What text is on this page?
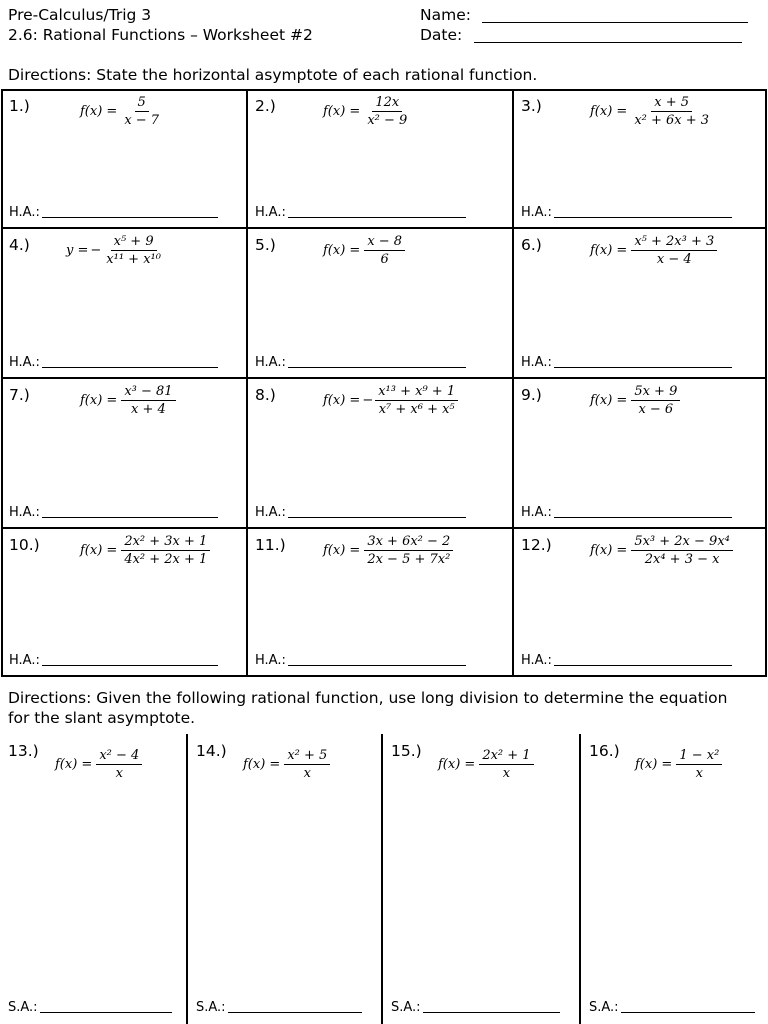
Pre-Calculus/Trig 3
2.6: Rational Functions – Worksheet #2
Name:
Date:
Directions: State the horizontal asymptote of each rational function.
1.)	$f(x) = \frac{5}{x - 7}$
H.A.:
2.)	$f(x) = \frac{12x}{\text{x² − 9}}$
H.A.:
3.)	$f(x) = \frac{x + 5}{\text{x² + 6x + 3}}$
H.A.:
4.)	y = − $\frac{\text{x⁵ + 9}}{\text{x¹¹ + x¹⁰}}$
H.A.:
5.)	$f(x) = \frac{x - 8}{6}$
H.A.:
6.)	$f(x) = \frac{\text{x⁵ + 2x³ + 3}}{x - 4}$
H.A.:
7.)	$f(x) = \frac{\text{x³ − 81}}{x + 4}$
H.A.:
8.)	f(x) = − $\frac{\text{x¹³ + x⁹ + 1}}{\text{x⁷ + x⁶ + x⁵}}$
H.A.:
9.)	$f(x) = \frac{5x + 9}{x - 6}$
H.A.:
10.)	$f(x) = \frac{\text{2x² + 3x + 1}}{\text{4x² + 2x + 1}}$
H.A.:
11.)	$f(x) = \frac{\text{3x + 6x² − 2}}{\text{2x − 5 + 7x²}}$
H.A.:
12.)	$f(x) = \frac{\text{5x³ + 2x − 9x⁴}}{\text{2x⁴ + 3 − x}}$
H.A.:
Directions: Given the following rational function, use long division to determine the equation
for the slant asymptote.
13.)
$f(x) = \frac{\text{x² − 4}}{x}$
S.A.:
14.)
$f(x) = \frac{\text{x² + 5}}{x}$
S.A.:
15.)
$f(x) = \frac{\text{2x² + 1}}{x}$
S.A.:
16.)
$f(x) = \frac{\text{1 − x²}}{x}$
S.A.:
